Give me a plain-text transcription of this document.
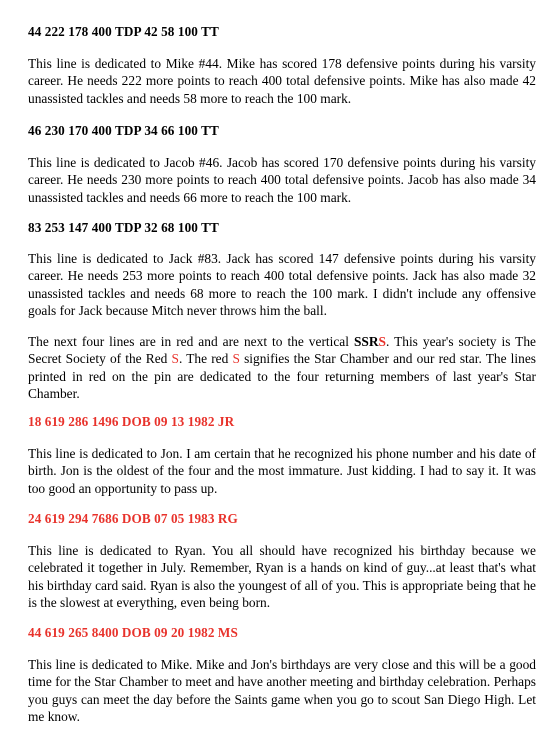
44 222 178 400 TDP 42 58 100 TT
This line is dedicated to Mike #44. Mike has scored 178 defensive points during his varsity career. He needs 222 more points to reach 400 total defensive points. Mike has also made 42 unassisted tackles and needs 58 more to reach the 100 mark.
46 230 170 400 TDP 34 66 100 TT
This line is dedicated to Jacob #46. Jacob has scored 170 defensive points during his varsity career. He needs 230 more points to reach 400 total defensive points. Jacob has also made 34 unassisted tackles and needs 66 more to reach the 100 mark.
83 253 147 400 TDP 32 68 100 TT
This line is dedicated to Jack #83. Jack has scored 147 defensive points during his varsity career. He needs 253 more points to reach 400 total defensive points. Jack has also made 32 unassisted tackles and needs 68 more to reach the 100 mark. I didn't include any offensive goals for Jack because Mitch never throws him the ball.
The next four lines are in red and are next to the vertical SSRS. This year's society is The Secret Society of the Red S. The red S signifies the Star Chamber and our red star. The lines printed in red on the pin are dedicated to the four returning members of last year's Star Chamber.
18 619 286 1496 DOB 09 13 1982 JR
This line is dedicated to Jon. I am certain that he recognized his phone number and his date of birth. Jon is the oldest of the four and the most immature. Just kidding. I had to say it. It was too good an opportunity to pass up.
24 619 294 7686 DOB 07 05 1983 RG
This line is dedicated to Ryan. You all should have recognized his birthday because we celebrated it together in July. Remember, Ryan is a hands on kind of guy...at least that's what his birthday card said. Ryan is also the youngest of all of you. This is appropriate being that he is the slowest at everything, even being born.
44 619 265 8400 DOB 09 20 1982 MS
This line is dedicated to Mike. Mike and Jon's birthdays are very close and this will be a good time for the Star Chamber to meet and have another meeting and birthday celebration. Perhaps you guys can meet the day before the Saints game when you go to scout San Diego High. Let me know.
